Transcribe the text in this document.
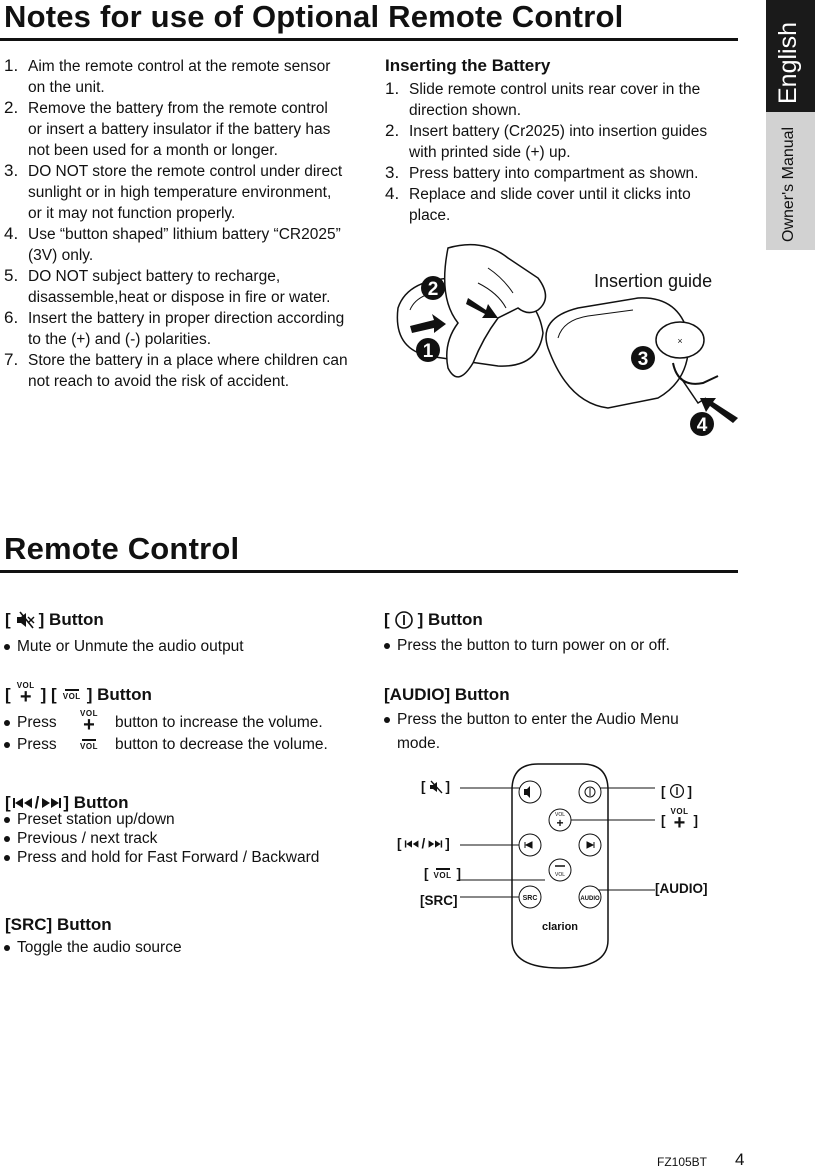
English
Owner's Manual
Notes for use of Optional Remote Control
1. Aim the remote control at the remote sensor
on the unit.
2. Remove the battery from the remote control
or insert a battery insulator if the battery has
not been used for a month or longer.
3. DO NOT store the remote control under direct
sunlight or in high temperature environment,
or it may not function properly.
4. Use “button shaped” lithium battery “CR2025”
(3V) only.
5. DO NOT subject battery to recharge,
disassemble,heat or dispose in fire or water.
6. Insert the battery in proper direction according
to the (+) and (-) polarities.
7. Store the battery in a place where children can
not reach to avoid the risk of accident.
Inserting the Battery
1. Slide remote control units rear cover in the
direction shown.
2. Insert battery (Cr2025) into insertion guides
with printed side (+) up.
3. Press battery into compartment as shown.
4. Replace and slide cover until it clicks into
place.
2
1
Insertion guide
×
3
4
Remote Control
[ ] Button
Mute or Unmute the audio output
[ VOL
+ ] [ VOL ] Button
Press	VOL
+ button to increase the volume.
Press	VOL button to decrease the volume.
[ / ] Button
Preset station up/down
Previous / next track
Press and hold for Fast Forward / Backward
[SRC] Button
Toggle the audio source
[ ] Button
Press the button to turn power on or off.
[AUDIO] Button
Press the button to enter the Audio Menu
mode.
VOL
+
VOL
SRC	AUDIO
clarion
[ ]
[ / ]
[ VOL ]
[SRC]
[ ]
[
VOL
+ ]
[AUDIO]
FZ105BT 4
